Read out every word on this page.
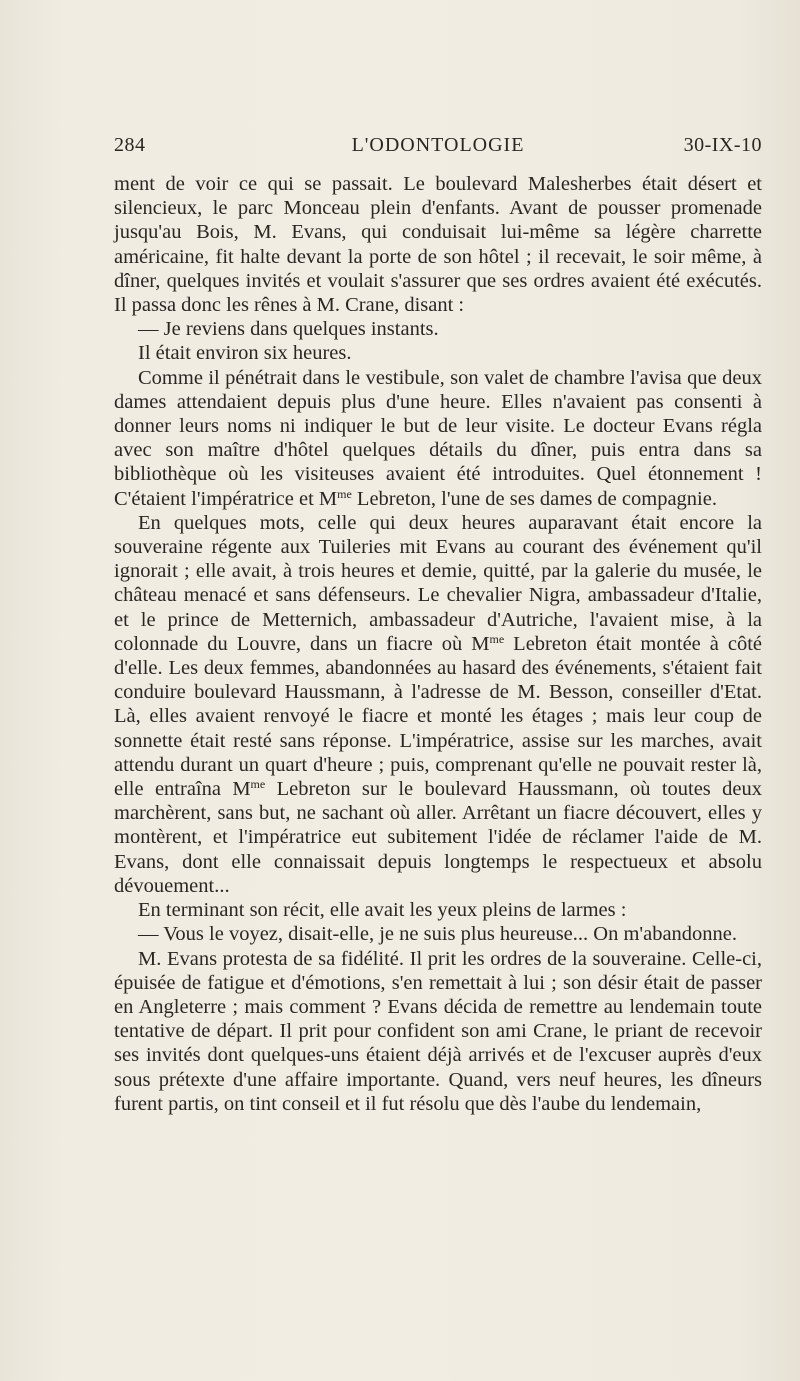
284	L'ODONTOLOGIE	30-IX-10

ment de voir ce qui se passait. Le boulevard Malesherbes était désert et silencieux, le parc Monceau plein d'enfants. Avant de pousser promenade jusqu'au Bois, M. Evans, qui conduisait lui-même sa légère charrette américaine, fit halte devant la porte de son hôtel ; il recevait, le soir même, à dîner, quelques invités et voulait s'assurer que ses ordres avaient été exécutés. Il passa donc les rênes à M. Crane, disant :

— Je reviens dans quelques instants.

Il était environ six heures.

Comme il pénétrait dans le vestibule, son valet de chambre l'avisa que deux dames attendaient depuis plus d'une heure. Elles n'avaient pas consenti à donner leurs noms ni indiquer le but de leur visite. Le docteur Evans régla avec son maître d'hôtel quelques détails du dîner, puis entra dans sa bibliothèque où les visiteuses avaient été introduites. Quel étonnement ! C'étaient l'impératrice et $M^{me}$ Lebreton, l'une de ses dames de compagnie.

En quelques mots, celle qui deux heures auparavant était encore la souveraine régente aux Tuileries mit Evans au courant des événement qu'il ignorait ; elle avait, à trois heures et demie, quitté, par la galerie du musée, le château menacé et sans défenseurs. Le chevalier Nigra, ambassadeur d'Italie, et le prince de Metternich, ambassadeur d'Autriche, l'avaient mise, à la colonnade du Louvre, dans un fiacre où $M^{me}$ Lebreton était montée à côté d'elle. Les deux femmes, abandonnées au hasard des événements, s'étaient fait conduire boulevard Haussmann, à l'adresse de M. Besson, conseiller d'Etat. Là, elles avaient renvoyé le fiacre et monté les étages ; mais leur coup de sonnette était resté sans réponse. L'impératrice, assise sur les marches, avait attendu durant un quart d'heure ; puis, comprenant qu'elle ne pouvait rester là, elle entraîna $M^{me}$ Lebreton sur le boulevard Haussmann, où toutes deux marchèrent, sans but, ne sachant où aller. Arrêtant un fiacre découvert, elles y montèrent, et l'impératrice eut subitement l'idée de réclamer l'aide de M. Evans, dont elle connaissait depuis longtemps le respectueux et absolu dévouement...

En terminant son récit, elle avait les yeux pleins de larmes :

— Vous le voyez, disait-elle, je ne suis plus heureuse... On m'abandonne.

M. Evans protesta de sa fidélité. Il prit les ordres de la souveraine. Celle-ci, épuisée de fatigue et d'émotions, s'en remettait à lui ; son désir était de passer en Angleterre ; mais comment ? Evans décida de remettre au lendemain toute tentative de départ. Il prit pour confident son ami Crane, le priant de recevoir ses invités dont quelques-uns étaient déjà arrivés et de l'excuser auprès d'eux sous prétexte d'une affaire importante. Quand, vers neuf heures, les dîneurs furent partis, on tint conseil et il fut résolu que dès l'aube du lendemain,
